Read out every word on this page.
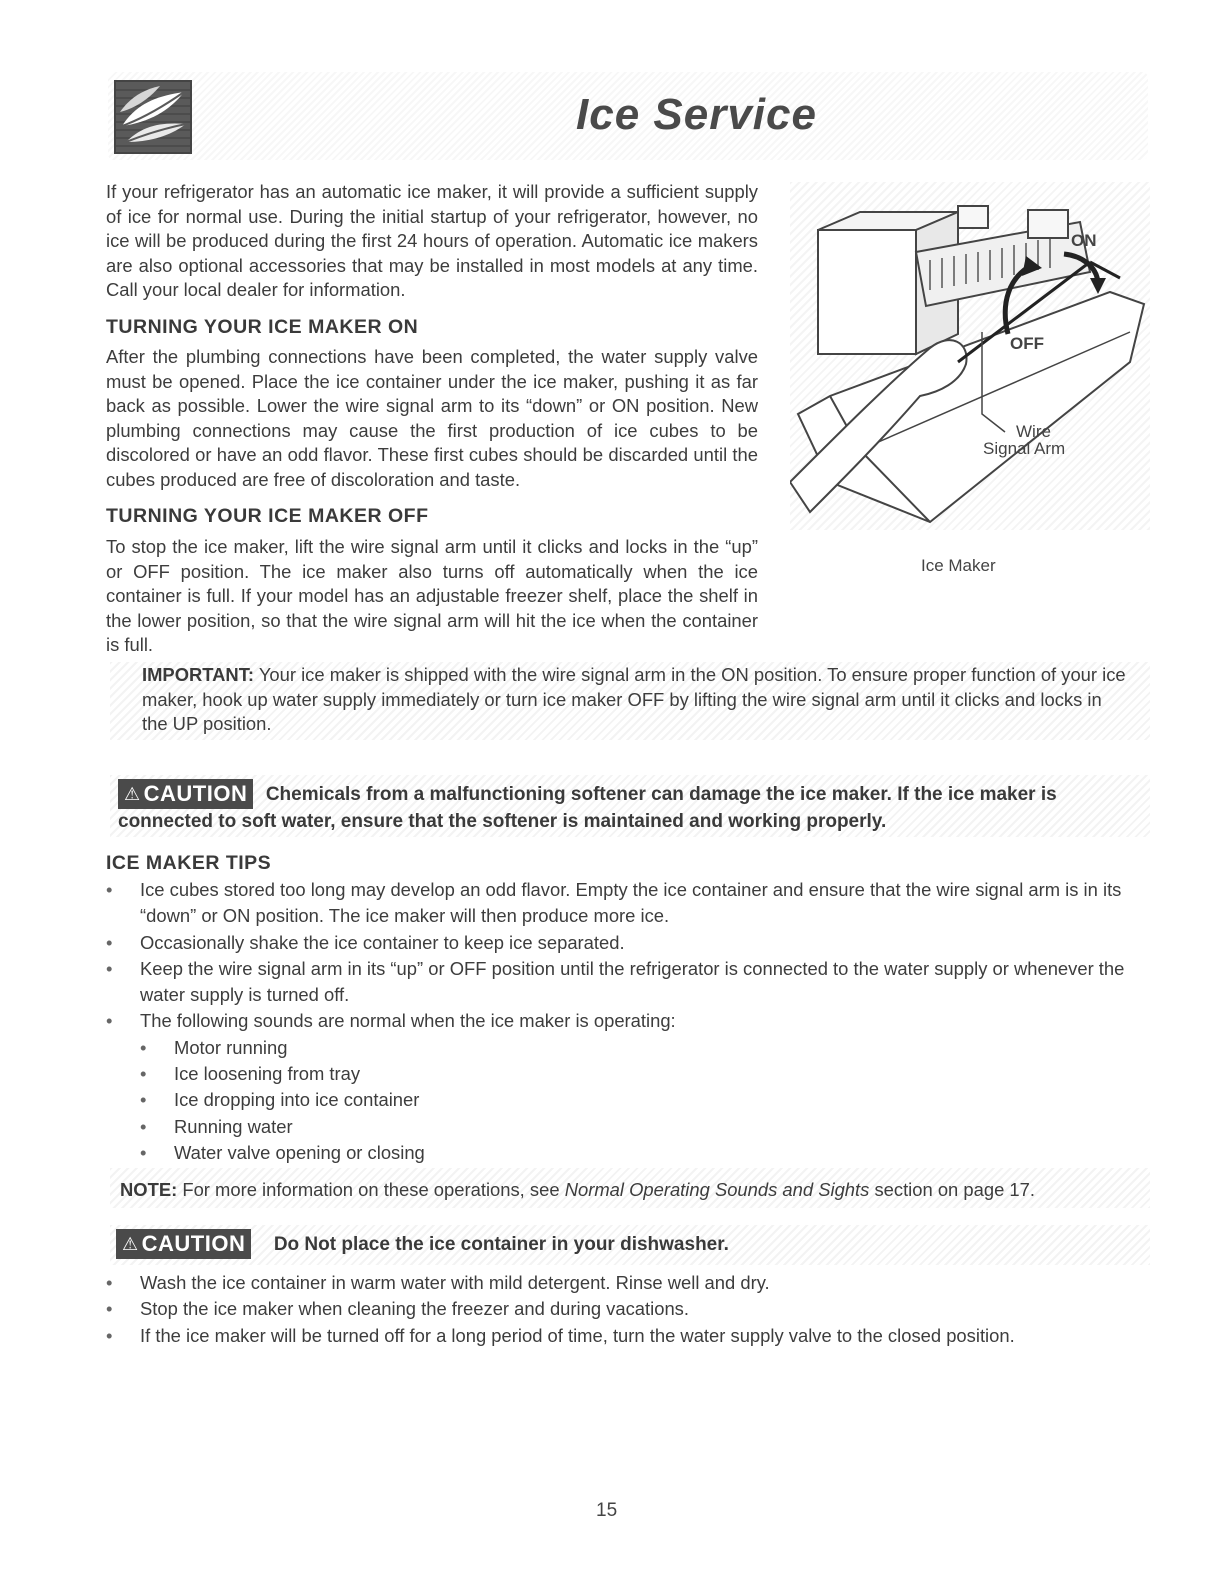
Ice Service
If your refrigerator has an automatic ice maker, it will provide a sufficient supply of ice for normal use. During the initial startup of your refrigerator, however, no ice will be produced during the first 24 hours of operation. Automatic ice makers are also optional accessories that may be installed in most models at any time. Call your local dealer for information.
TURNING YOUR ICE MAKER ON
After the plumbing connections have been completed, the water supply valve must be opened. Place the ice container under the ice maker, pushing it as far back as possible. Lower the wire signal arm to its “down” or ON position. New plumbing connections may cause the first production of ice cubes to be discolored or have an odd flavor. These first cubes should be discarded until the cubes produced are free of discoloration and taste.
TURNING YOUR ICE MAKER OFF
To stop the ice maker, lift the wire signal arm until it clicks and locks in the “up” or OFF position. The ice maker also turns off automatically when the ice container is full. If your model has an adjustable freezer shelf, place the shelf in the lower position, so that the wire signal arm will hit the ice when the container is full.
ON
OFF
Wire
Signal Arm
Ice Maker
IMPORTANT: Your ice maker is shipped with the wire signal arm in the ON position. To ensure proper function of your ice maker, hook up water supply immediately or turn ice maker OFF by lifting the wire signal arm until it clicks and locks in the UP position.
⚠ CAUTION Chemicals from a malfunctioning softener can damage the ice maker. If the ice maker is connected to soft water, ensure that the softener is maintained and working properly.
ICE MAKER TIPS
• Ice cubes stored too long may develop an odd flavor. Empty the ice container and ensure that the wire signal arm is in its “down” or ON position. The ice maker will then produce more ice.
• Occasionally shake the ice container to keep ice separated.
• Keep the wire signal arm in its “up” or OFF position until the refrigerator is connected to the water supply or whenever the water supply is turned off.
• The following sounds are normal when the ice maker is operating:
• Motor running
• Ice loosening from tray
• Ice dropping into ice container
• Running water
• Water valve opening or closing
NOTE: For more information on these operations, see Normal Operating Sounds and Sights section on page 17.
⚠ CAUTION Do Not place the ice container in your dishwasher.
• Wash the ice container in warm water with mild detergent. Rinse well and dry.
• Stop the ice maker when cleaning the freezer and during vacations.
• If the ice maker will be turned off for a long period of time, turn the water supply valve to the closed position.
15
